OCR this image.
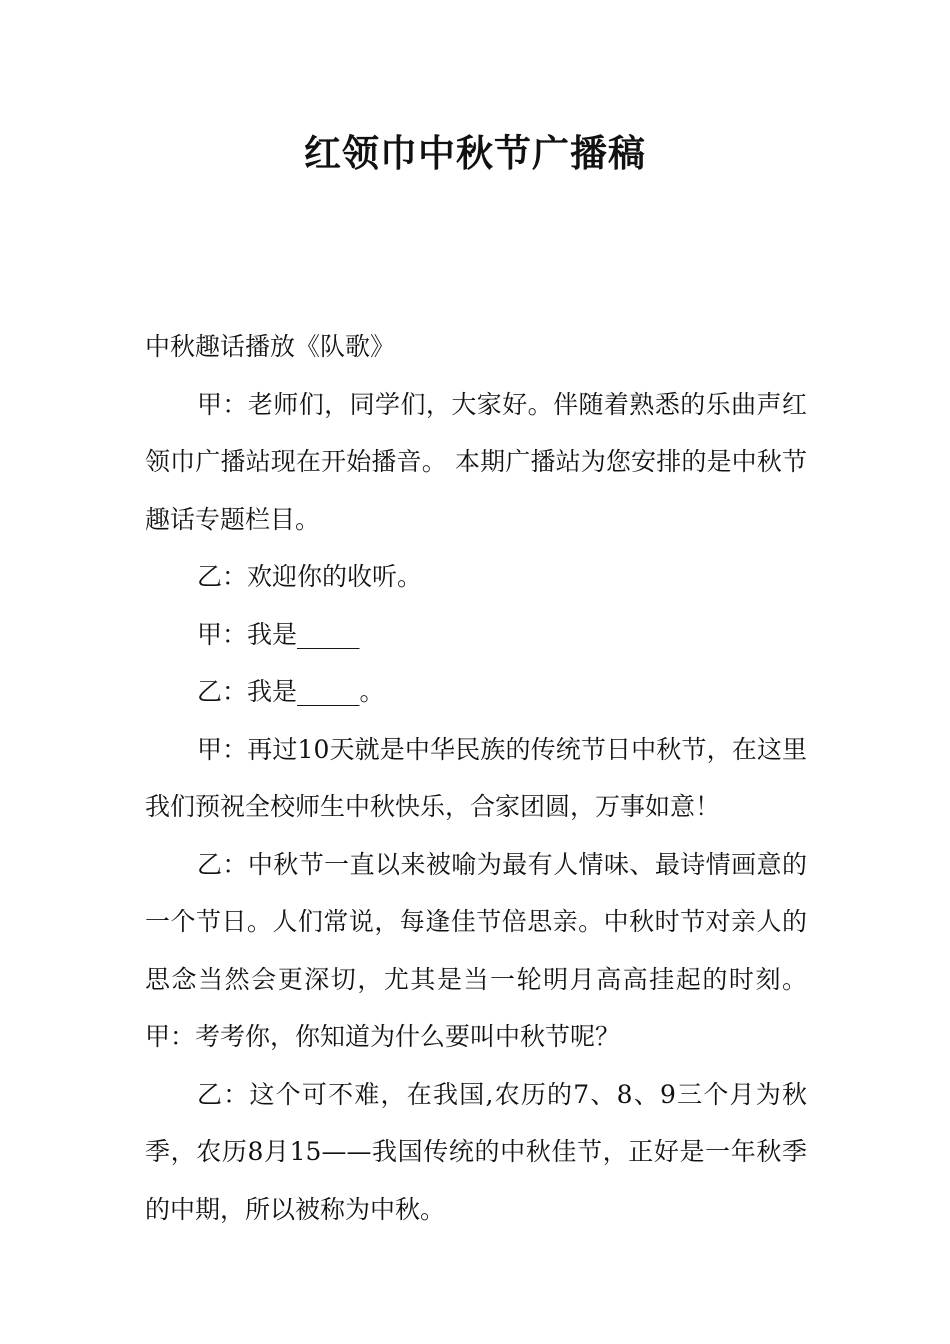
红领巾中秋节广播稿

中秋趣话播放《队歌》

甲：老师们，同学们，大家好。伴随着熟悉的乐曲声红领巾广播站现在开始播音。 本期广播站为您安排的是中秋节趣话专题栏目。

乙：欢迎你的收听。

甲：我是_____

乙：我是_____。

甲：再过10天就是中华民族的传统节日中秋节，在这里我们预祝全校师生中秋快乐，合家团圆，万事如意！

乙：中秋节一直以来被喻为最有人情味、最诗情画意的一个节日。人们常说，每逢佳节倍思亲。中秋时节对亲人的思念当然会更深切，尤其是当一轮明月高高挂起的时刻。 甲：考考你，你知道为什么要叫中秋节呢？

乙：这个可不难，在我国,农历的7、8、9三个月为秋季，农历8月15——我国传统的中秋佳节，正好是一年秋季的中期，所以被称为中秋。
